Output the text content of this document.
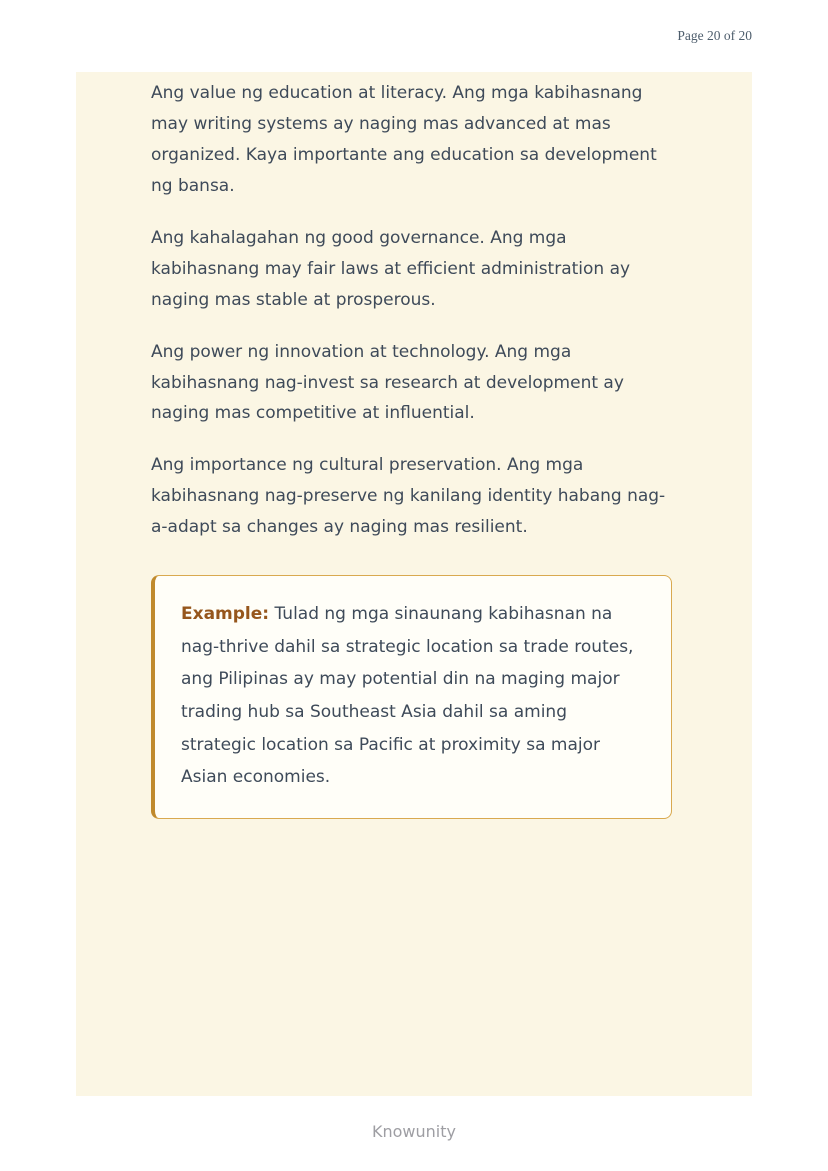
Page 20 of 20

Ang value ng education at literacy. Ang mga kabihasnang may writing systems ay naging mas advanced at mas organized. Kaya importante ang education sa development ng bansa.

Ang kahalagahan ng good governance. Ang mga kabihasnang may fair laws at efficient administration ay naging mas stable at prosperous.

Ang power ng innovation at technology. Ang mga kabihasnang nag-invest sa research at development ay naging mas competitive at influential.

Ang importance ng cultural preservation. Ang mga kabihasnang nag-preserve ng kanilang identity habang nag-a-adapt sa changes ay naging mas resilient.

Example: Tulad ng mga sinaunang kabihasnan na nag-thrive dahil sa strategic location sa trade routes, ang Pilipinas ay may potential din na maging major trading hub sa Southeast Asia dahil sa aming strategic location sa Pacific at proximity sa major Asian economies.

Knowunity
